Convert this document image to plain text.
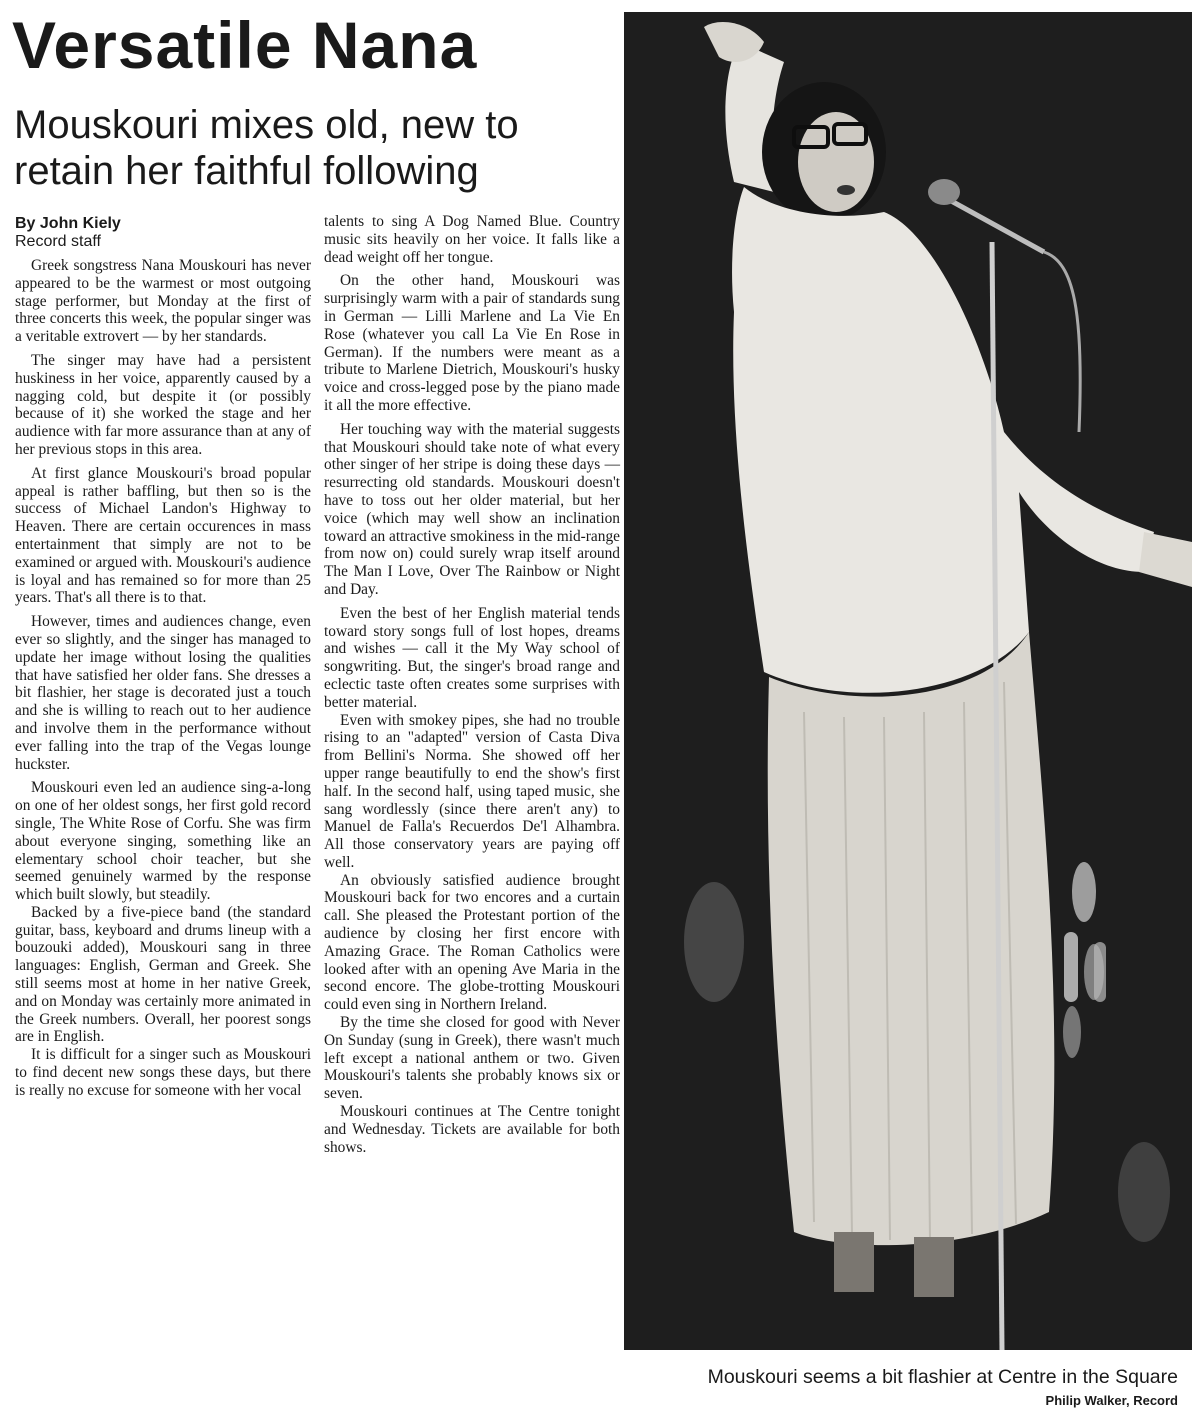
Versatile Nana
Mouskouri mixes old, new to retain her faithful following
By John Kiely
Record staff

Greek songstress Nana Mouskouri has never appeared to be the warmest or most outgoing stage performer, but Monday at the first of three concerts this week, the popular singer was a veritable extrovert — by her standards.

The singer may have had a persistent huskiness in her voice, apparently caused by a nagging cold, but despite it (or possibly because of it) she worked the stage and her audience with far more assurance than at any of her previous stops in this area.

At first glance Mouskouri's broad popular appeal is rather baffling, but then so is the success of Michael Landon's Highway to Heaven. There are certain occurences in mass entertainment that simply are not to be examined or argued with. Mouskouri's audience is loyal and has remained so for more than 25 years. That's all there is to that.

However, times and audiences change, even ever so slightly, and the singer has managed to update her image without losing the qualities that have satisfied her older fans. She dresses a bit flashier, her stage is decorated just a touch and she is willing to reach out to her audience and involve them in the performance without ever falling into the trap of the Vegas lounge huckster.

Mouskouri even led an audience sing-a-long on one of her oldest songs, her first gold record single, The White Rose of Corfu. She was firm about everyone singing, something like an elementary school choir teacher, but she seemed genuinely warmed by the response which built slowly, but steadily.

Backed by a five-piece band (the standard guitar, bass, keyboard and drums lineup with a bouzouki added), Mouskouri sang in three languages: English, German and Greek. She still seems most at home in her native Greek, and on Monday was certainly more animated in the Greek numbers. Overall, her poorest songs are in English.

It is difficult for a singer such as Mouskouri to find decent new songs these days, but there is really no excuse for someone with her vocal

talents to sing A Dog Named Blue. Country music sits heavily on her voice. It falls like a dead weight off her tongue.

On the other hand, Mouskouri was surprisingly warm with a pair of standards sung in German — Lilli Marlene and La Vie En Rose (whatever you call La Vie En Rose in German). If the numbers were meant as a tribute to Marlene Dietrich, Mouskouri's husky voice and cross-legged pose by the piano made it all the more effective.

Her touching way with the material suggests that Mouskouri should take note of what every other singer of her stripe is doing these days — resurrecting old standards. Mouskouri doesn't have to toss out her older material, but her voice (which may well show an inclination toward an attractive smokiness in the mid-range from now on) could surely wrap itself around The Man I Love, Over The Rainbow or Night and Day.

Even the best of her English material tends toward story songs full of lost hopes, dreams and wishes — call it the My Way school of songwriting. But, the singer's broad range and eclectic taste often creates some surprises with better material.

Even with smokey pipes, she had no trouble rising to an "adapted" version of Casta Diva from Bellini's Norma. She showed off her upper range beautifully to end the show's first half. In the second half, using taped music, she sang wordlessly (since there aren't any) to Manuel de Falla's Recuerdos De'l Alhambra. All those conservatory years are paying off well.

An obviously satisfied audience brought Mouskouri back for two encores and a curtain call. She pleased the Protestant portion of the audience by closing her first encore with Amazing Grace. The Roman Catholics were looked after with an opening Ave Maria in the second encore. The globe-trotting Mouskouri could even sing in Northern Ireland.

By the time she closed for good with Never On Sunday (sung in Greek), there wasn't much left except a national anthem or two. Given Mouskouri's talents she probably knows six or seven.

Mouskouri continues at The Centre tonight and Wednesday. Tickets are available for both shows.

Mouskouri seems a bit flashier at Centre in the Square
Philip Walker, Record
